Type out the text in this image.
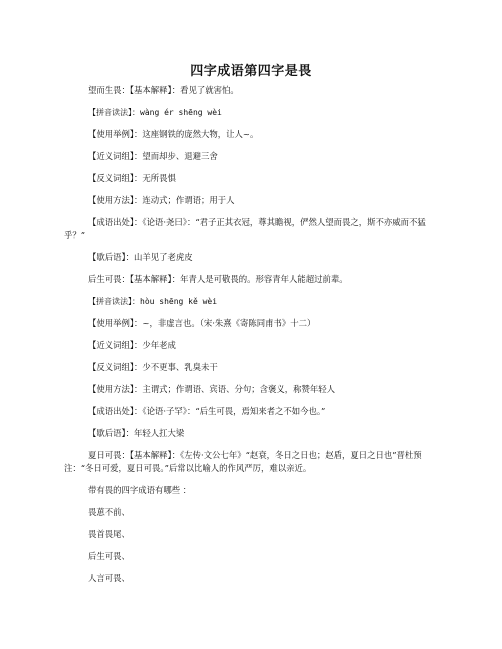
四字成语第四字是畏

望而生畏：【基本解释】：看见了就害怕。

【拼音读法】：wàng ér shēng wèi

【使用举例】：这座钢铁的庞然大物，让人~。

【近义词组】：望而却步、退避三舍

【反义词组】：无所畏惧

【使用方法】：连动式；作谓语；用于人

【成语出处】：《论语·尧曰》：“君子正其衣冠，尊其瞻视，俨然人望而畏之，斯不亦威而不猛乎？”

【歇后语】：山羊见了老虎皮

后生可畏：【基本解释】：年青人是可敬畏的。形容青年人能超过前辈。

【拼音读法】：hòu shēng kě wèi

【使用举例】：~，非虚言也。（宋·朱熹《寄陈同甫书》十二）

【近义词组】：少年老成

【反义词组】：少不更事、乳臭未干

【使用方法】：主谓式；作谓语、宾语、分句；含褒义，称赞年轻人

【成语出处】：《论语·子罕》：“后生可畏，焉知来者之不如今也。”

【歇后语】：年轻人扛大梁

夏日可畏：【基本解释】：《左传·文公七年》“赵衰，冬日之日也；赵盾，夏日之日也”晋杜预注：“冬日可爱，夏日可畏。”后常以比喻人的作风严厉，难以亲近。

带有畏的四字成语有哪些 ：

畏葸不前、

畏首畏尾、

后生可畏、

人言可畏、
